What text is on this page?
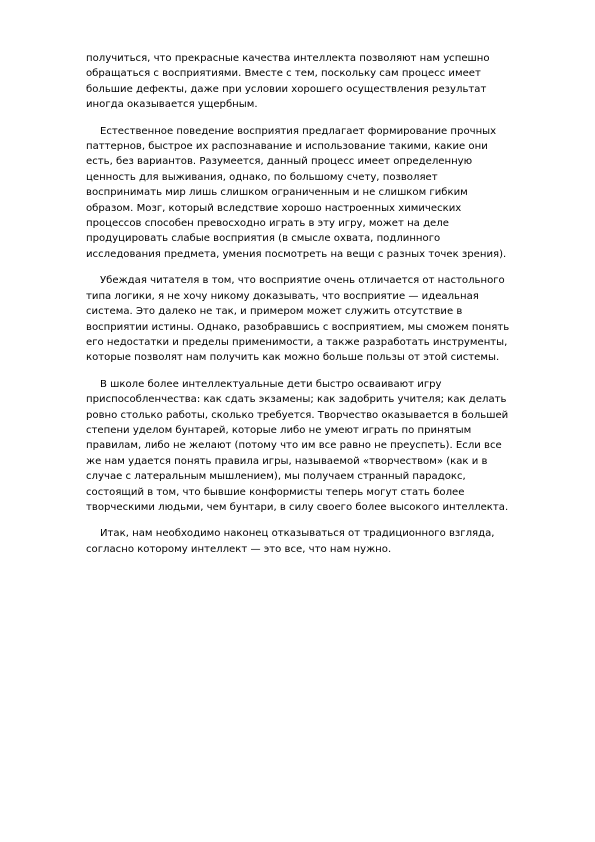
получиться, что прекрасные качества интеллекта позволяют нам успешно
обращаться с восприятиями. Вместе с тем, поскольку сам процесс имеет
большие дефекты, даже при условии хорошего осуществления результат
иногда оказывается ущербным.

Естественное поведение восприятия предлагает формирование прочных
паттернов, быстрое их распознавание и использование такими, какие они
есть, без вариантов. Разумеется, данный процесс имеет определенную
ценность для выживания, однако, по большому счету, позволяет
воспринимать мир лишь слишком ограниченным и не слишком гибким
образом. Мозг, который вследствие хорошо настроенных химических
процессов способен превосходно играть в эту игру, может на деле
продуцировать слабые восприятия (в смысле охвата, подлинного
исследования предмета, умения посмотреть на вещи с разных точек зрения).

Убеждая читателя в том, что восприятие очень отличается от настольного
типа логики, я не хочу никому доказывать, что восприятие — идеальная
система. Это далеко не так, и примером может служить отсутствие в
восприятии истины. Однако, разобравшись с восприятием, мы сможем понять
его недостатки и пределы применимости, а также разработать инструменты,
которые позволят нам получить как можно больше пользы от этой системы.

В школе более интеллектуальные дети быстро осваивают игру
приспособленчества: как сдать экзамены; как задобрить учителя; как делать
ровно столько работы, сколько требуется. Творчество оказывается в большей
степени уделом бунтарей, которые либо не умеют играть по принятым
правилам, либо не желают (потому что им все равно не преуспеть). Если все
же нам удается понять правила игры, называемой «творчеством» (как и в
случае с латеральным мышлением), мы получаем странный парадокс,
состоящий в том, что бывшие конформисты теперь могут стать более
творческими людьми, чем бунтари, в силу своего более высокого интеллекта.

Итак, нам необходимо наконец отказываться от традиционного взгляда,
согласно которому интеллект — это все, что нам нужно.
